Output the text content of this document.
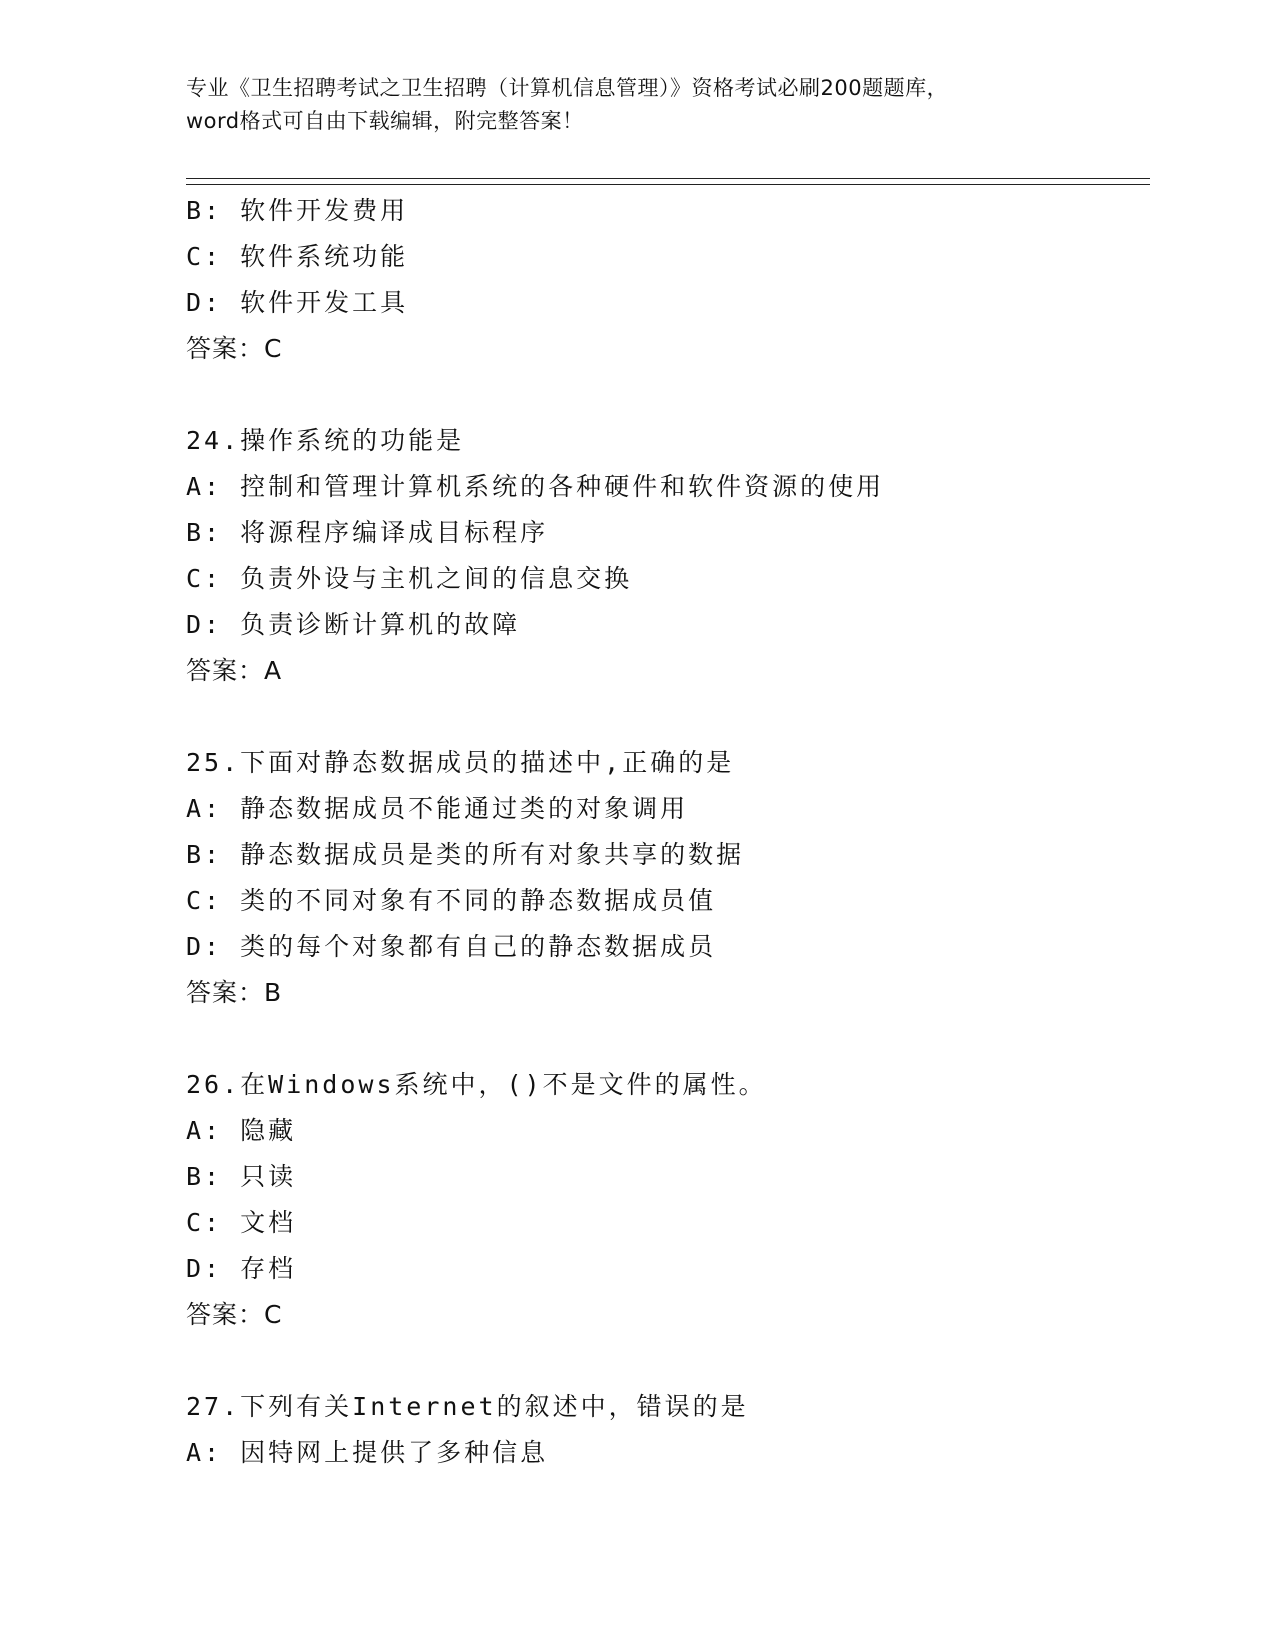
专业《卫生招聘考试之卫生招聘（计算机信息管理）》资格考试必刷200题题库，
word格式可自由下载编辑，附完整答案！
B: 软件开发费用
C: 软件系统功能
D: 软件开发工具
答案：C
24.操作系统的功能是
A: 控制和管理计算机系统的各种硬件和软件资源的使用
B: 将源程序编译成目标程序
C: 负责外设与主机之间的信息交换
D: 负责诊断计算机的故障
答案：A
25.下面对静态数据成员的描述中,正确的是
A: 静态数据成员不能通过类的对象调用
B: 静态数据成员是类的所有对象共享的数据
C: 类的不同对象有不同的静态数据成员值
D: 类的每个对象都有自己的静态数据成员
答案：B
26.在Windows系统中，()不是文件的属性。
A: 隐藏
B: 只读
C: 文档
D: 存档
答案：C
27.下列有关Internet的叙述中，错误的是
A: 因特网上提供了多种信息
